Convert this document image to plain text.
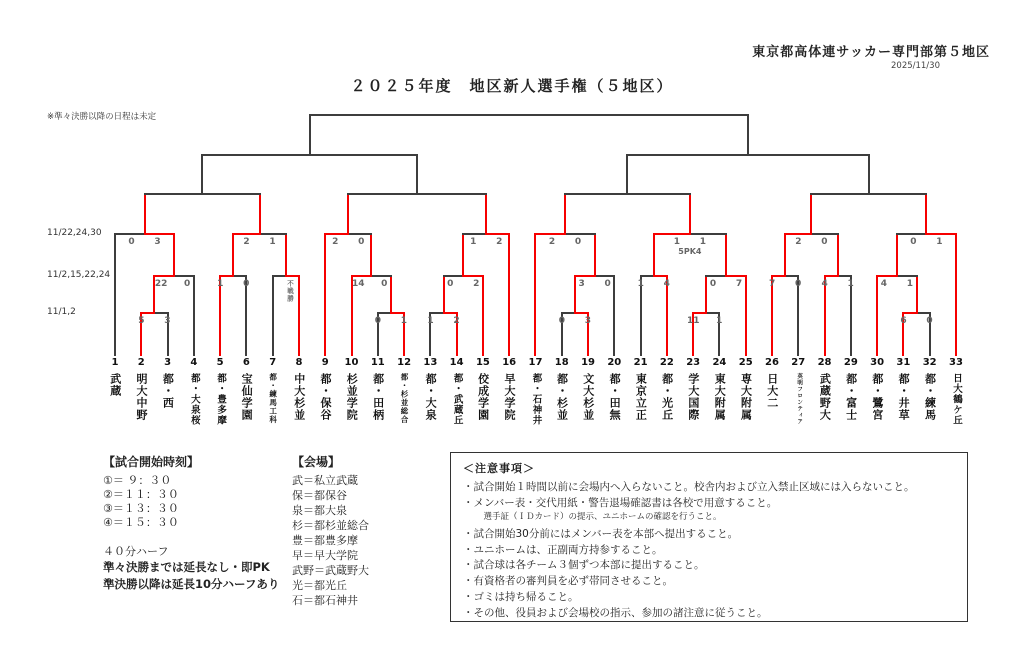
東京都高体連サッカー専門部第５地区
2025/11/30
２０２５年度　地区新人選手権（５地区）
※準々決勝以降の日程は未定
11/22,24,30
11/2,15,22,24
11/1,2
5 3
22 0
0 3
1 0	不戦勝
2 1
0 1
14 0
2 0
1 2
0 2
1 2
0 3
3 0
2 0
1 4
11 1
0 7
1 1
5PK4
7 0 4 1
2 0
6 0
4 1
0 1
1
武蔵
2
明大中野
3
都・西
4
都・大泉桜
5
都・豊多摩
6
宝仙学園
7
都・練馬工科
8
中大杉並
9
都・保谷
10
杉並学院
11
都・田柄
12
都・杉並総合
13
都・大泉
14
都・武蔵丘
15
佼成学園
16
早大学院
17
都・石神井
18
都・杉並
19
文大杉並
20
都・田無
21
東京立正
22
都・光丘
23
学大国際
24
東大附属
25
専大附属
26
日大二
27
英明フロンティア
28
武蔵野大
29
都・富士
30
都・鷺宮
31
都・井草
32
都・練馬
33
日大鶴ケ丘
【試合開始時刻】
①＝ ９：３０
②＝１１：３０
③＝１３：３０
④＝１５：３０
４０分ハーフ
準々決勝までは延長なし・即PK
準決勝以降は延長10分ハーフあり
【会場】
武＝私立武蔵
保＝都保谷
泉＝都大泉
杉＝都杉並総合
豊＝都豊多摩
早＝早大学院
武野＝武蔵野大
光＝都光丘
石＝都石神井
＜注意事項＞
・試合開始１時間以前に会場内へ入らないこと。校舎内および立入禁止区域には入らないこと。
・メンバー表・交代用紙・警告退場確認書は各校で用意すること。
　選手証（ＩＤカード）の提示、ユニホームの確認を行うこと。
・試合開始30分前にはメンバー表を本部へ提出すること。
・ユニホームは、正副両方持参すること。
・試合球は各チーム３個ずつ本部に提出すること。
・有資格者の審判員を必ず帯同させること。
・ゴミは持ち帰ること。
・その他、役員および会場校の指示、参加の諸注意に従うこと。
